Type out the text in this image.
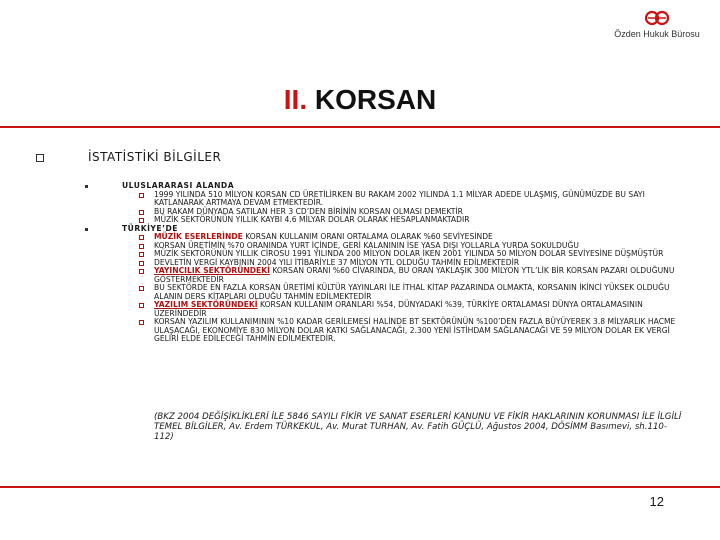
Özden Hukuk Bürosu
II. KORSAN
İSTATİSTİKİ BİLGİLER
ULUSLARARASI ALANDA
1999 YILINDA 510 MİLYON KORSAN CD ÜRETİLİRKEN BU RAKAM 2002 YILINDA 1.1 MİLYAR ADEDE ULAŞMIŞ, GÜNÜMÜZDE BU SAYI KATLANARAK ARTMAYA DEVAM ETMEKTEDİR.
BU RAKAM DÜNYADA SATILAN HER 3 CD’DEN BİRİNİN KORSAN OLMASI DEMEKTİR
MÜZİK SEKTÖRÜNÜN YILLIK KAYBI 4.6 MİLYAR DOLAR OLARAK HESAPLANMAKTADIR
TÜRKİYE’DE
MÜZİK ESERLERİNDE KORSAN KULLANIM ORANI ORTALAMA OLARAK %60 SEVİYESİNDE
KORSAN ÜRETİMİN %70 ORANINDA YURT İÇİNDE, GERİ KALANININ İSE YASA DIŞI YOLLARLA YURDA SOKULDUĞU
MÜZİK SEKTÖRÜNÜN YILLIK CİROSU 1991 YILINDA 200 MİLYON DOLAR İKEN 2001 YILINDA 50 MİLYON DOLAR SEVİYESİNE DÜŞMÜŞTÜR
DEVLETİN VERGİ KAYBININ 2004 YILI İTİBARİYLE 37 MİLYON YTL OLDUĞU TAHMİN EDİLMEKTEDİR
YAYINCILIK SEKTÖRÜNDEKİ KORSAN ORANI %60 CİVARINDA, BU ORAN YAKLAŞIK 300 MİLYON YTL’LİK BİR KORSAN PAZARI OLDUĞUNU GÖSTERMEKTEDİR
BU SEKTÖRDE EN FAZLA KORSAN ÜRETİMİ KÜLTÜR YAYINLARI İLE İTHAL KİTAP PAZARINDA OLMAKTA, KORSANIN İKİNCİ YÜKSEK OLDUĞU ALANIN DERS KİTAPLARI OLDUĞU TAHMİN EDİLMEKTEDİR
YAZILIM SEKTÖRÜNDEKİ KORSAN KULLANIM ORANLARI %54, DÜNYADAKİ %39, TÜRKİYE ORTALAMASI DÜNYA ORTALAMASININ ÜZERİNDEDİR
KORSAN YAZILIM KULLANIMININ %10 KADAR GERİLEMESİ HALİNDE BT SEKTÖRÜNÜN %100’DEN FAZLA BÜYÜYEREK 3.8 MİLYARLIK HACME ULAŞACAĞI, EKONOMİYE 830 MİLYON DOLAR KATKI SAĞLANACAĞI, 2.300 YENİ İSTİHDAM SAĞLANACAĞI VE 59 MİLYON DOLAR EK VERGİ GELİRİ ELDE EDİLECEĞİ TAHMİN EDİLMEKTEDİR.
(BKZ 2004 DEĞİŞİKLİKLERİ İLE 5846 SAYILI FİKİR VE SANAT ESERLERİ KANUNU VE FİKİR HAKLARININ KORUNMASI İLE İLGİLİ TEMEL BİLGİLER, Av. Erdem TÜRKEKUL, Av. Murat TURHAN, Av. Fatih GÜÇLÜ, Ağustos 2004, DÖSİMM Basımevi, sh.110-112)
12
